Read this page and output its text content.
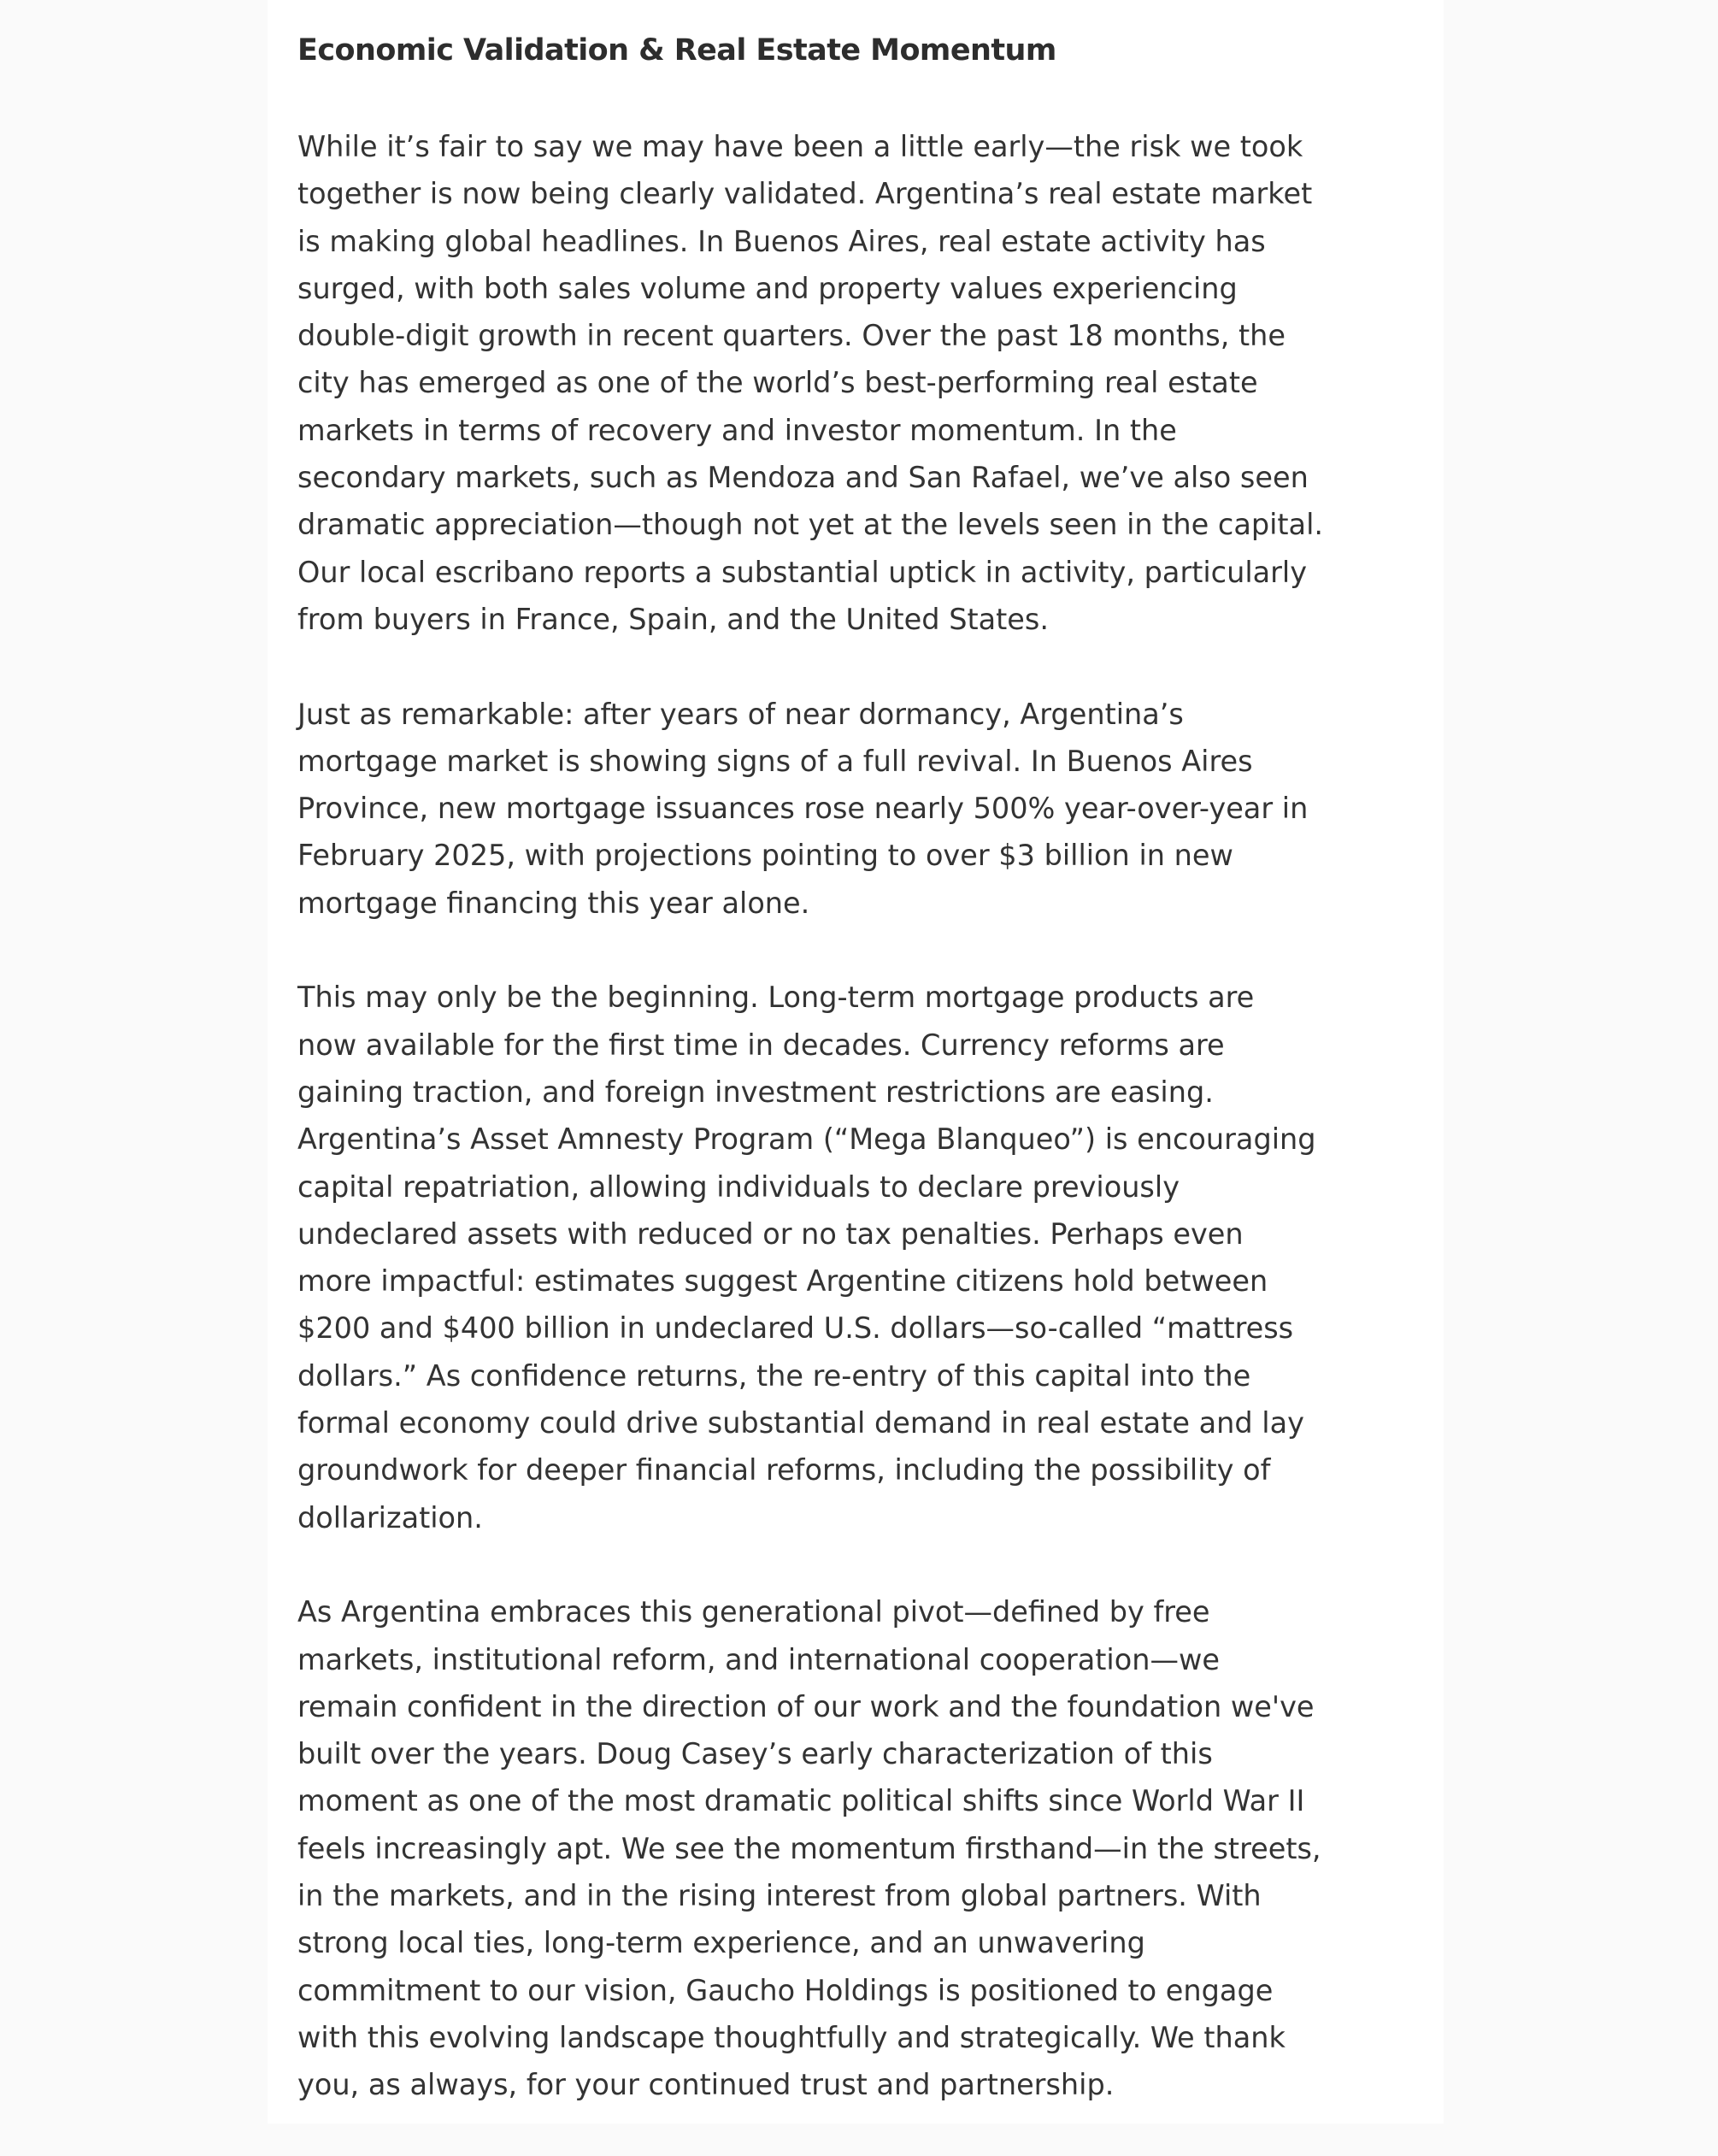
Economic Validation & Real Estate Momentum

While it’s fair to say we may have been a little early—the risk we took
together is now being clearly validated. Argentina’s real estate market
is making global headlines. In Buenos Aires, real estate activity has
surged, with both sales volume and property values experiencing
double-digit growth in recent quarters. Over the past 18 months, the
city has emerged as one of the world’s best-performing real estate
markets in terms of recovery and investor momentum. In the
secondary markets, such as Mendoza and San Rafael, we’ve also seen
dramatic appreciation—though not yet at the levels seen in the capital.
Our local escribano reports a substantial uptick in activity, particularly
from buyers in France, Spain, and the United States.

Just as remarkable: after years of near dormancy, Argentina’s
mortgage market is showing signs of a full revival. In Buenos Aires
Province, new mortgage issuances rose nearly 500% year-over-year in
February 2025, with projections pointing to over $3 billion in new
mortgage financing this year alone.

This may only be the beginning. Long-term mortgage products are
now available for the first time in decades. Currency reforms are
gaining traction, and foreign investment restrictions are easing.
Argentina’s Asset Amnesty Program (“Mega Blanqueo”) is encouraging
capital repatriation, allowing individuals to declare previously
undeclared assets with reduced or no tax penalties. Perhaps even
more impactful: estimates suggest Argentine citizens hold between
$200 and $400 billion in undeclared U.S. dollars—so-called “mattress
dollars.” As confidence returns, the re-entry of this capital into the
formal economy could drive substantial demand in real estate and lay
groundwork for deeper financial reforms, including the possibility of
dollarization.

As Argentina embraces this generational pivot—defined by free
markets, institutional reform, and international cooperation—we
remain confident in the direction of our work and the foundation we've
built over the years. Doug Casey’s early characterization of this
moment as one of the most dramatic political shifts since World War II
feels increasingly apt. We see the momentum firsthand—in the streets,
in the markets, and in the rising interest from global partners. With
strong local ties, long-term experience, and an unwavering
commitment to our vision, Gaucho Holdings is positioned to engage
with this evolving landscape thoughtfully and strategically. We thank
you, as always, for your continued trust and partnership.
